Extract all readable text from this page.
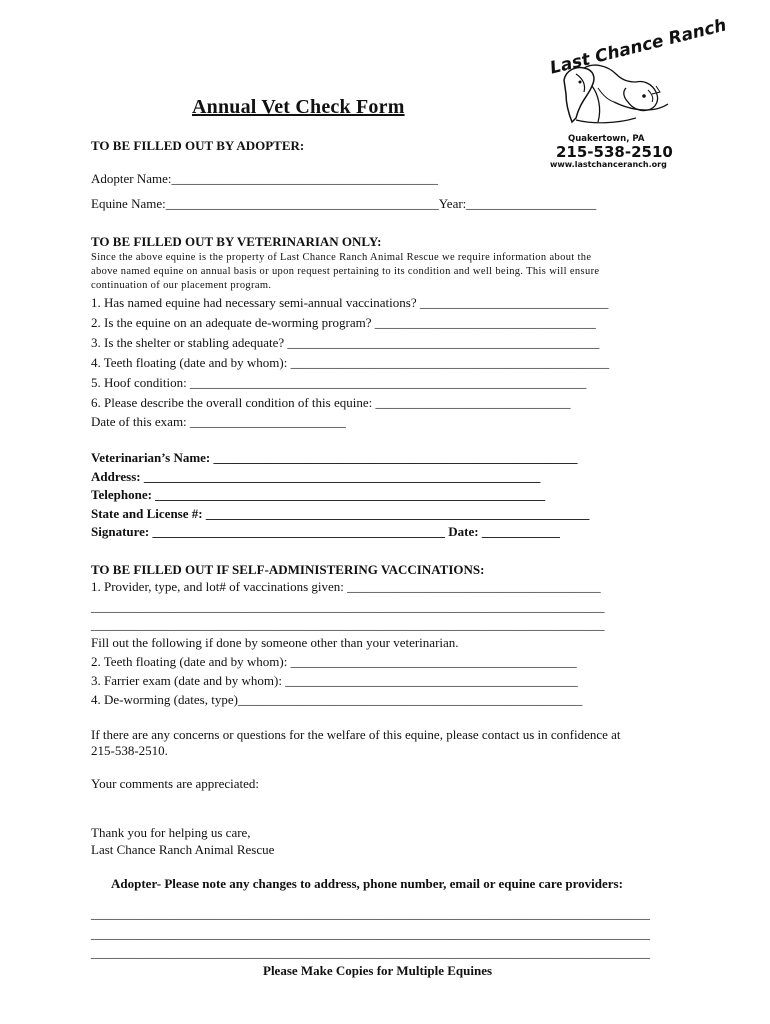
Last Chance Ranch
Quakertown, PA
215-538-2510
www.lastchanceranch.org
Annual Vet Check Form
TO BE FILLED OUT BY ADOPTER:
Adopter Name:_________________________________________
Equine Name:__________________________________________Year:____________________
TO BE FILLED OUT BY VETERINARIAN ONLY:
Since the above equine is the property of Last Chance Ranch Animal Rescue we require information about the
above named equine on annual basis or upon request pertaining to its condition and well being. This will ensure
continuation of our placement program.
1. Has named equine had necessary semi-annual vaccinations? _____________________________
2. Is the equine on an adequate de-worming program? __________________________________
3. Is the shelter or stabling adequate? ________________________________________________
4. Teeth floating (date and by whom): _________________________________________________
5. Hoof condition: _____________________________________________________________
6. Please describe the overall condition of this equine: ______________________________
Date of this exam: ________________________
Veterinarian’s Name: ________________________________________________________
Address: _____________________________________________________________
Telephone: ____________________________________________________________
State and License #: ___________________________________________________________
Signature: _____________________________________________ Date: ____________
TO BE FILLED OUT IF SELF-ADMINISTERING VACCINATIONS:
1. Provider, type, and lot# of vaccinations given: _______________________________________
_______________________________________________________________________________
_______________________________________________________________________________
Fill out the following if done by someone other than your veterinarian.
2. Teeth floating (date and by whom): ____________________________________________
3. Farrier exam (date and by whom): _____________________________________________
4. De-worming (dates, type)_____________________________________________________
If there are any concerns or questions for the welfare of this equine, please contact us in confidence at
215-538-2510.
Your comments are appreciated:
Thank you for helping us care,
Last Chance Ranch Animal Rescue
Adopter- Please note any changes to address, phone number, email or equine care providers:
______________________________________________________________________________________
______________________________________________________________________________________
______________________________________________________________________________________
Please Make Copies for Multiple Equines
